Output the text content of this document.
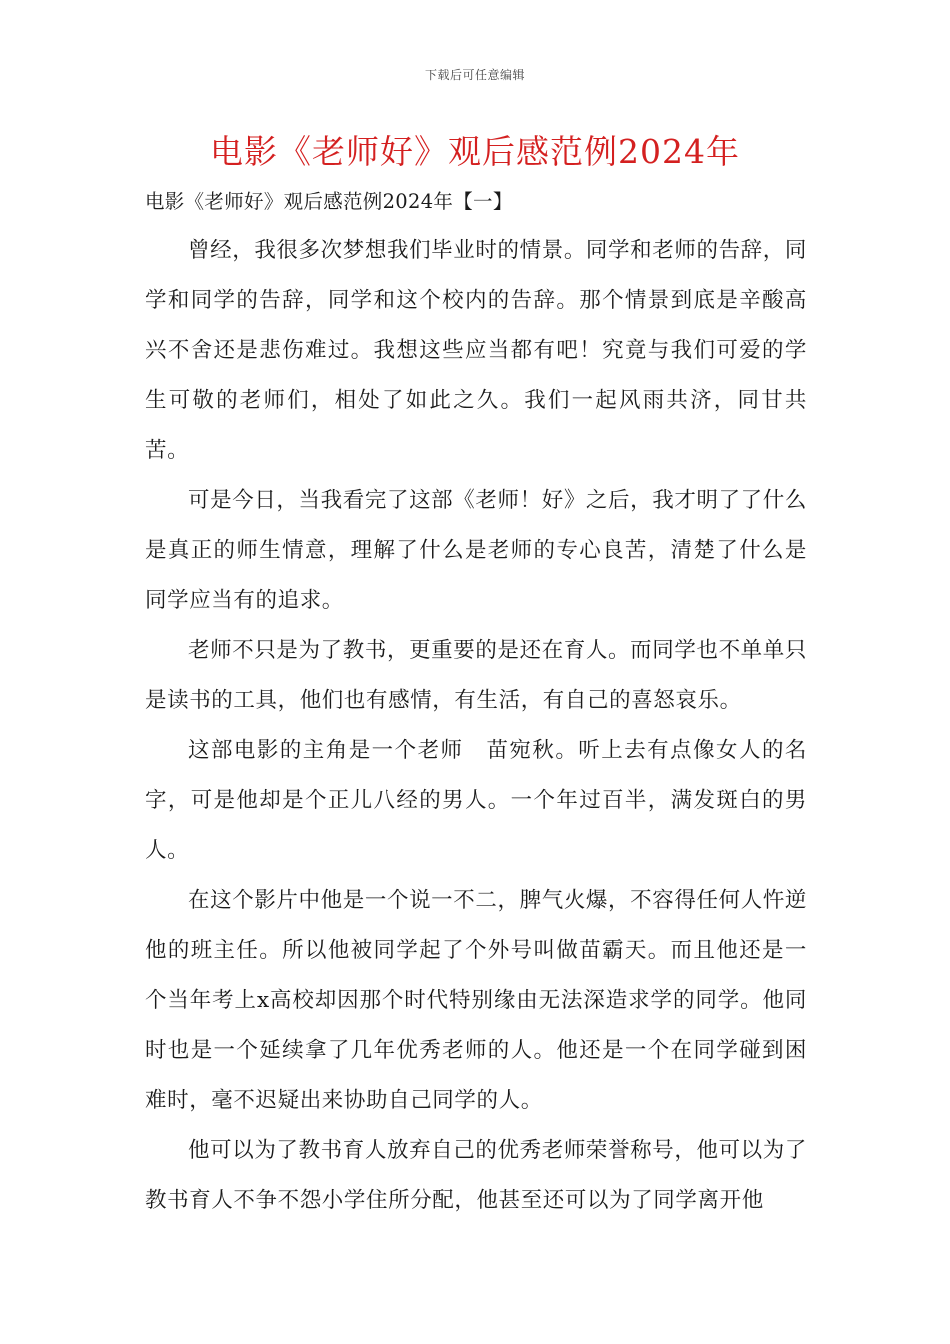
下载后可任意编辑
电影《老师好》观后感范例2024年

电影《老师好》观后感范例2024年【一】

曾经，我很多次梦想我们毕业时的情景。同学和老师的告辞，同学和同学的告辞，同学和这个校内的告辞。那个情景到底是辛酸高兴不舍还是悲伤难过。我想这些应当都有吧！究竟与我们可爱的学生可敬的老师们，相处了如此之久。我们一起风雨共济，同甘共苦。

可是今日，当我看完了这部《老师！好》之后，我才明了了什么是真正的师生情意，理解了什么是老师的专心良苦，清楚了什么是同学应当有的追求。

老师不只是为了教书，更重要的是还在育人。而同学也不单单只是读书的工具，他们也有感情，有生活，有自己的喜怒哀乐。

这部电影的主角是一个老师　苗宛秋。听上去有点像女人的名字，可是他却是个正儿八经的男人。一个年过百半，满发斑白的男人。

在这个影片中他是一个说一不二，脾气火爆，不容得任何人忤逆他的班主任。所以他被同学起了个外号叫做苗霸天。而且他还是一个当年考上x高校却因那个时代特别缘由无法深造求学的同学。他同时也是一个延续拿了几年优秀老师的人。他还是一个在同学碰到困难时，毫不迟疑出来协助自己同学的人。

他可以为了教书育人放弃自己的优秀老师荣誉称号，他可以为了教书育人不争不怨小学住所分配，他甚至还可以为了同学离开他
